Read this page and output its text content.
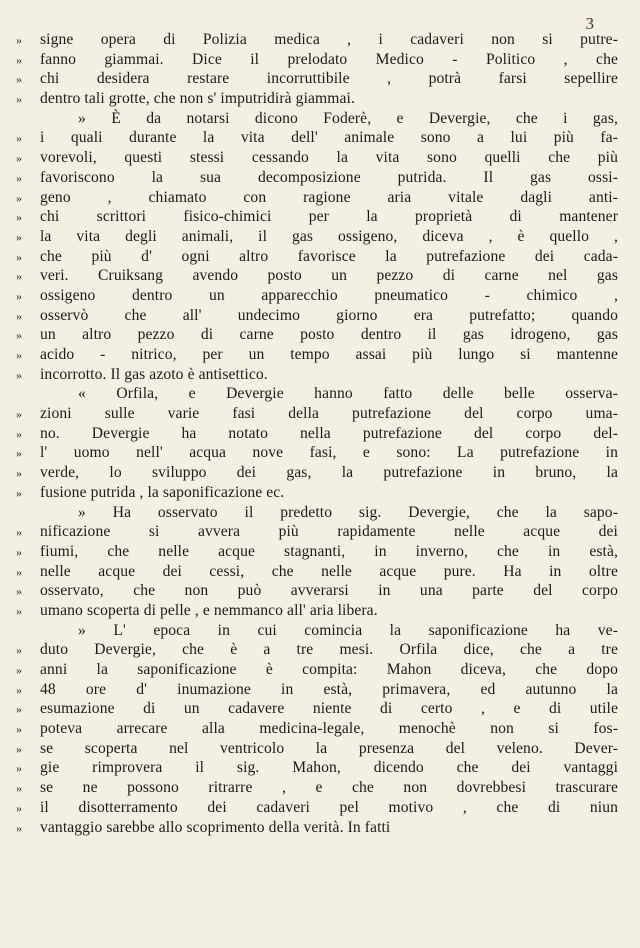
3
»	signe opera di Polizia medica , i cadaveri non si putre-
»	fanno giammai. Dice il prelodato Medico - Politico , che
»	chi desidera restare incorruttibile , potrà farsi sepellire
»	dentro tali grotte, che non s' imputridirà giammai.
» È da notarsi dicono Foderè, e Devergie, che i gas,
»	i quali durante la vita dell' animale sono a lui più fa-
»	vorevoli, questi stessi cessando la vita sono quelli che più
»	favoriscono la sua decomposizione putrida. Il gas ossi-
»	geno , chiamato con ragione aria vitale dagli anti-
»	chi scrittori fisico-chimici per la proprietà di mantener
»	la vita degli animali, il gas ossigeno, diceva , è quello ,
»	che più d' ogni altro favorisce la putrefazione dei cada-
»	veri. Cruiksang avendo posto un pezzo di carne nel gas
»	ossigeno dentro un apparecchio pneumatico - chimico ,
»	osservò che all' undecimo giorno era putrefatto; quando
»	un altro pezzo di carne posto dentro il gas idrogeno, gas
»	acido - nitrico, per un tempo assai più lungo si mantenne
»	incorrotto. Il gas azoto è antisettico.
« Orfila, e Devergie hanno fatto delle belle osserva-
»	zioni sulle varie fasi della putrefazione del corpo uma-
»	no. Devergie ha notato nella putrefazione del corpo del-
»	l' uomo nell' acqua nove fasi, e sono: La putrefazione in
»	verde, lo sviluppo dei gas, la putrefazione in bruno, la
»	fusione putrida , la saponificazione ec.
» Ha osservato il predetto sig. Devergie, che la sapo-
»	nificazione si avvera più rapidamente nelle acque dei
»	fiumi, che nelle acque stagnanti, in inverno, che in està,
»	nelle acque dei cessi, che nelle acque pure. Ha in oltre
»	osservato, che non può avverarsi in una parte del corpo
»	umano scoperta di pelle , e nemmanco all' aria libera.
» L' epoca in cui comincia la saponificazione ha ve-
»	duto Devergie, che è a tre mesi. Orfila dice, che a tre
»	anni la saponificazione è compita: Mahon diceva, che dopo
»	48 ore d' inumazione in està, primavera, ed autunno la
»	esumazione di un cadavere niente di certo , e di utile
»	poteva arrecare alla medicina-legale, menochè non si fos-
»	se scoperta nel ventricolo la presenza del veleno. Dever-
»	gie rimprovera il sig. Mahon, dicendo che dei vantaggi
»	se ne possono ritrarre , e che non dovrebbesi trascurare
»	il disotterramento dei cadaveri pel motivo , che di niun
»	vantaggio sarebbe allo scoprimento della verità. In fatti
